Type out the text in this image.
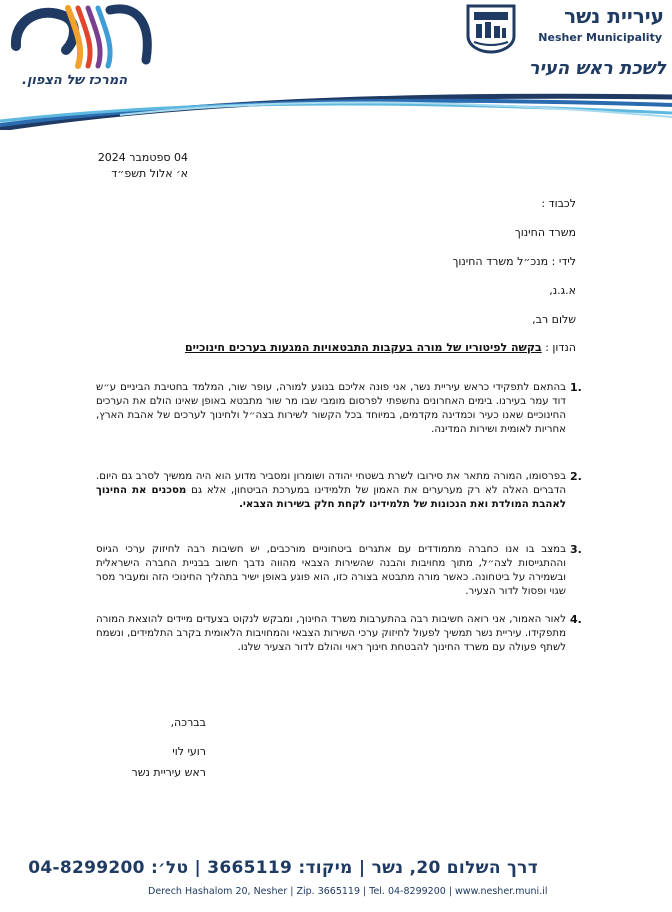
המרכז של הצפון.
עיריית נשר
Nesher Municipality
לשכת ראש העיר
04 ספטמבר 2024
א׳ אלול תשפ״ד
לכבוד :
משרד החינוך
לידי : מנכ״ל משרד החינוך
א.ג.נ,
שלום רב,
הנדון : בקשה לפיטוריו של מורה בעקבות התבטאויות המגעות בערכים חינוכיים
1.
בהתאם לתפקידי כראש עיריית נשר, אני פונה אליכם בנוגע למורה, עופר שור, המלמד בחטיבת הביניים ע״ש דוד עמר בעירנו. בימים האחרונים נחשפתי לפרסום מומבי שבו מר שור מתבטא באופן שאינו הולם את הערכים החינוכיים שאנו כעיר וכמדינה מקדמים, במיוחד בכל הקשור לשירות בצה״ל ולחינוך לערכים של אהבת הארץ, אחריות לאומית ושירות המדינה.
2.
בפרסומו, המורה מתאר את סירובו לשרת בשטחי יהודה ושומרון ומסביר מדוע הוא היה ממשיך לסרב גם היום. הדברים האלה לא רק מערערים את האמון של תלמידינו במערכת הביטחון, אלא גם מסכנים את החינוך לאהבת המולדת ואת הנכונות של תלמידינו לקחת חלק בשירות הצבאי.
3.
במצב בו אנו כחברה מתמודדים עם אתגרים ביטחוניים מורכבים, יש חשיבות רבה לחיזוק ערכי הגיוס וההתגייסות לצה״ל, מתוך מחויבות והבנה שהשירות הצבאי מהווה נדבך חשוב בבניית החברה הישראלית ובשמירה על ביטחונה. כאשר מורה מתבטא בצורה כזו, הוא פוגע באופן ישיר בתהליך החינוכי הזה ומעביר מסר שגוי ופסול לדור הצעיר.
4.
לאור האמור, אני רואה חשיבות רבה בהתערבות משרד החינוך, ומבקש לנקוט בצעדים מיידים להוצאת המורה מתפקידו. עיריית נשר תמשיך לפעול לחיזוק ערכי השירות הצבאי והמחויבות הלאומית בקרב התלמידים, ונשמח לשתף פעולה עם משרד החינוך להבטחת חינוך ראוי והולם לדור הצעיר שלנו.
בברכה,
רועי לוי
ראש עיריית נשר
דרך השלום 20, נשר | מיקוד: 3665119 | טל׳: 04-8299200
Derech Hashalom 20, Nesher | Zip. 3665119 | Tel. 04-8299200 | www.nesher.muni.il
